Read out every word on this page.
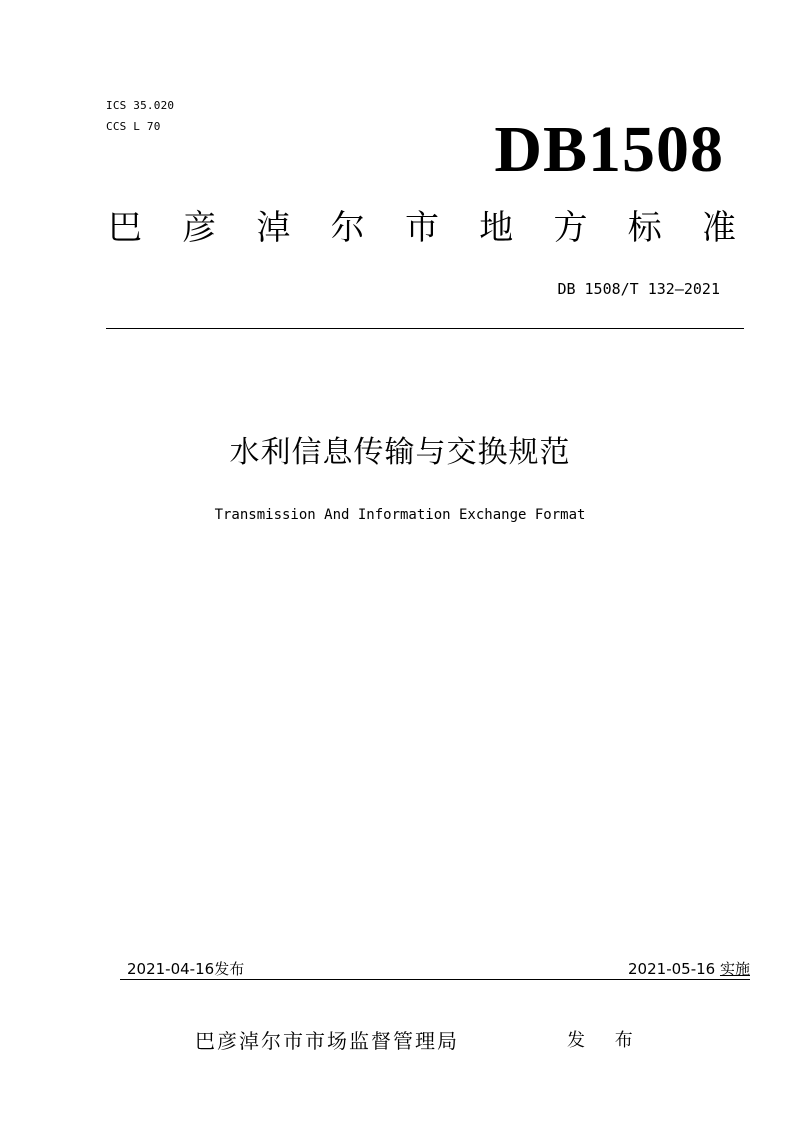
ICS 35.020
CCS L 70	DB1508
巴 彦 淖 尔 市 地 方 标 准
DB 1508/T 132—2021
水利信息传输与交换规范
Transmission And Information Exchange Format
2021-04-16发布	2021-05-16 实施
巴彦淖尔市市场监督管理局	发 布
